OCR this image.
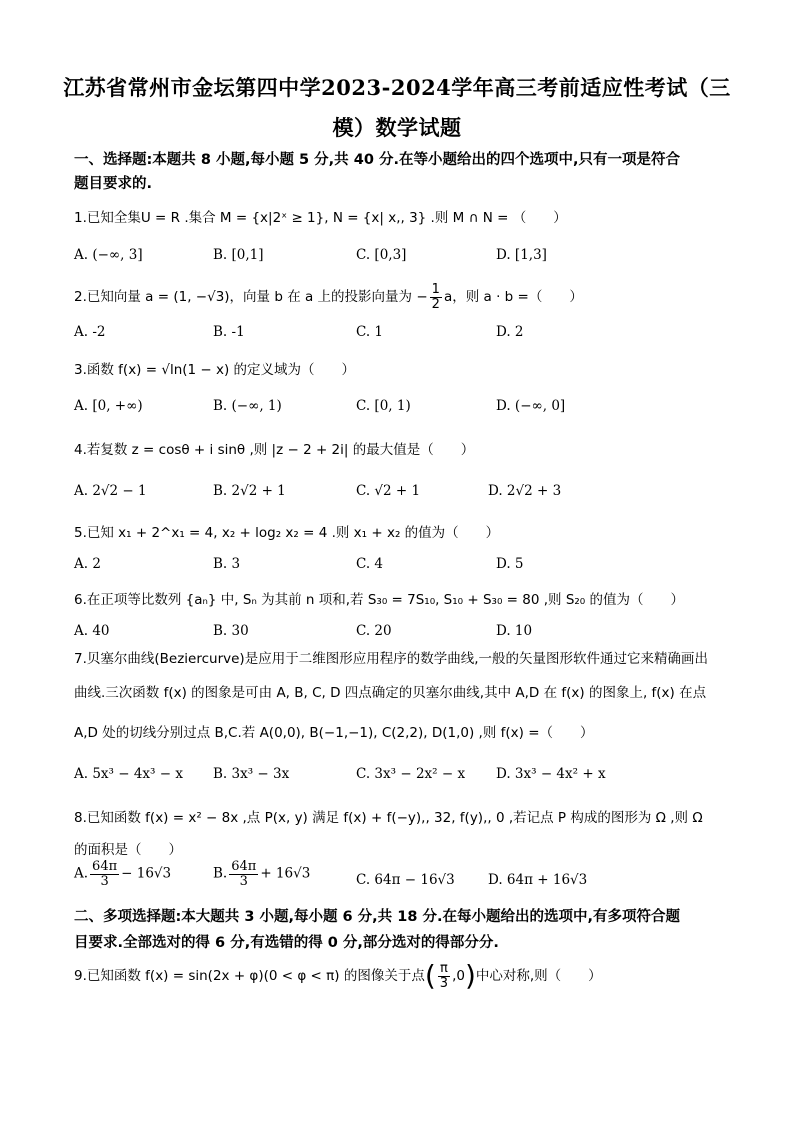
江苏省常州市金坛第四中学2023-2024学年高三考前适应性考试（三
模）数学试题
一、选择题:本题共 8 小题,每小题 5 分,共 40 分.在等小题给出的四个选项中,只有一项是符合
题目要求的.
1.已知全集U = R .集合 M = {x|2ˣ ≥ 1}, N = {x| x,, 3} .则 M ∩ N = （　　）
A. (−∞, 3]	B. [0,1]	C. [0,3]	D. [1,3]
2.已知向量 a = (1, −√3)，向量 b 在 a 上的投影向量为 − $\frac{1}{2}$ a，则 a · b =（　　）
A. -2	B. -1	C. 1	D. 2
3.函数 f(x) = √ln(1 − x) 的定义域为（　　）
A. [0, +∞)	B. (−∞, 1)	C. [0, 1)	D. (−∞, 0]
4.若复数 z = cosθ + i sinθ ,则 |z − 2 + 2i| 的最大值是（　　）
A. 2√2 − 1	B. 2√2 + 1	C. √2 + 1	D. 2√2 + 3
5.已知 x₁ + 2^x₁ = 4, x₂ + log₂ x₂ = 4 .则 x₁ + x₂ 的值为（　　）
A. 2	B. 3	C. 4	D. 5
6.在正项等比数列 {aₙ} 中, Sₙ 为其前 n 项和,若 S₃₀ = 7S₁₀, S₁₀ + S₃₀ = 80 ,则 S₂₀ 的值为（　　）
A. 40	B. 30	C. 20	D. 10
7.贝塞尔曲线(Beziercurve)是应用于二维图形应用程序的数学曲线,一般的矢量图形软件通过它来精确画出
曲线.三次函数 f(x) 的图象是可由 A, B, C, D 四点确定的贝塞尔曲线,其中 A,D 在 f(x) 的图象上, f(x) 在点
A,D 处的切线分别过点 B,C.若 A(0,0), B(−1,−1), C(2,2), D(1,0) ,则 f(x) =（　　）
A. 5x³ − 4x³ − x B. 3x³ − 3x	C. 3x³ − 2x² − x D. 3x³ − 4x² + x
8.已知函数 f(x) = x² − 8x ,点 P(x, y) 满足 f(x) + f(−y),, 32, f(y),, 0 ,若记点 P 构成的图形为 Ω ,则 Ω
的面积是（　　）
A. $\frac{64\pi}{3} - 16√3$	B. $\frac{64\pi}{3} + 16√3$	C. 64π − 16√3 D. 64π + 16√3
二、多项选择题:本大题共 3 小题,每小题 6 分,共 18 分.在每小题给出的选项中,有多项符合题
目要求.全部选对的得 6 分,有选错的得 0 分,部分选对的得部分分.
9.已知函数 f(x) = sin(2x + φ)(0 < φ < π) 的图像关于点( $\frac{\pi}{3} ,0$)中心对称,则（　　）
